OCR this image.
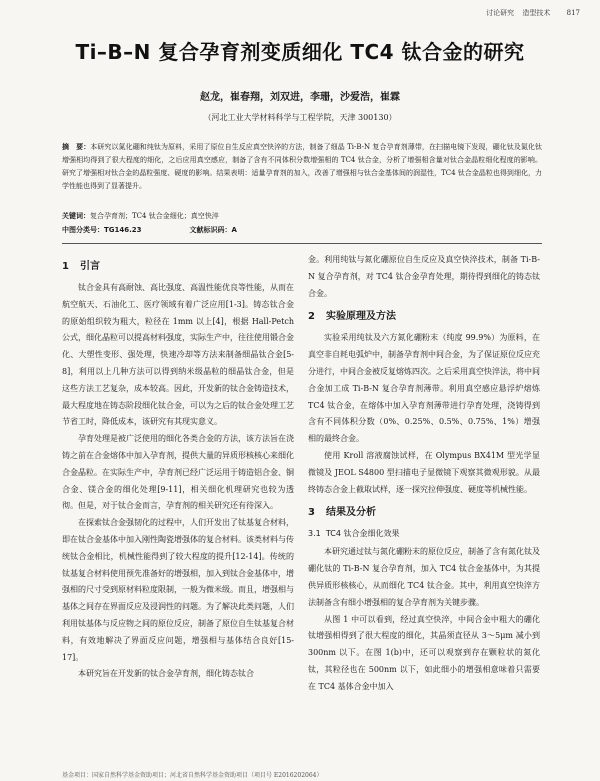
讨论研究 造型技术 817
Ti–B–N 复合孕育剂变质细化 TC4 钛合金的研究
赵龙，崔春翔，刘双进，李珊，沙爱浩，崔霖
（河北工业大学材料科学与工程学院，天津 300130）
摘　要：本研究以氮化硼和纯钛为原料，采用了原位自生反应真空快淬的方法，制备了细晶 Ti-B-N 复合孕育剂薄带，在扫描电镜下发现，硼化钛及氮化钛增强相均得到了很大程度的细化，之后应用真空感应，制备了含有不同体积分数增强相的 TC4 钛合金，分析了增强相含量对钛合金晶粒细化程度的影响。研究了增强相对钛合金的晶粒强度、硬度的影响。结果表明：适量孕育剂的加入，改善了增强相与钛合金基体间的润湿性，TC4 钛合金晶粒也得到细化，力学性能也得到了显著提升。
关键词：复合孕育剂；TC4 钛合金细化；真空快淬
中图分类号：TG146.23	文献标识码：A
1 引言

钛合金具有高耐蚀、高比强度、高温性能优良等性能，从而在航空航天、石油化工、医疗领域有着广泛应用[1-3]。铸态钛合金的原始组织较为粗大，粒径在 1mm 以上[4]，根据 Hall-Petch 公式，细化晶粒可以提高材料强度，实际生产中，往往使用锻合金化、大塑性变形、强处理，快速冷却等方法来制备细晶钛合金[5-8]，利用以上几种方法可以得到纳米级晶粒的细晶钛合金，但是这些方法工艺复杂，成本较高。因此，开发新的钛合金铸造技术，最大程度地在铸态阶段细化钛合金，可以为之后的钛合金处理工艺节省工时，降低成本，该研究有其现实意义。

孕育处理是被广泛使用的细化各类合金的方法，该方法旨在浇铸之前在合金熔体中加入孕育剂，提供大量的异质形核核心来细化合金晶粒。在实际生产中，孕育剂已经广泛运用于铸造铝合金、铜合金、镁合金的细化处理[9-11]，相关细化机理研究也较为透彻。但是，对于钛合金而言，孕育剂的相关研究还有待深入。

在探索钛合金强韧化的过程中，人们开发出了钛基复合材料，即在钛合金基体中加入刚性陶瓷增强体的复合材料。该类材料与传统钛合金相比，机械性能得到了较大程度的提升[12-14]。传统的钛基复合材料使用预先准备好的增强相，加入到钛合金基体中，增强相的尺寸受到原材料粒度限制，一般为微米级。而且，增强相与基体之间存在界面反应及浸润性的问题。为了解决此类问题，人们利用钛基体与反应物之间的原位反应，制备了原位自生钛基复合材料，有效地解决了界面反应问题，增强相与基体结合良好[15-17]。

本研究旨在开发新的钛合金孕育剂，细化铸态钛合

金。利用纯钛与氮化硼原位自生反应及真空快淬技术，制备 Ti-B-N 复合孕育剂，对 TC4 钛合金孕育处理，期待得到细化的铸态钛合金。

2 实验原理及方法

实验采用纯钛及六方氮化硼粉末（纯度 99.9%）为原料，在真空非自耗电弧炉中，制备孕育剂中间合金，为了保证原位反应充分进行，中间合金被反复熔炼四次。之后采用真空快淬法，将中间合金加工成 Ti-B-N 复合孕育剂薄带。利用真空感应悬浮炉熔炼 TC4 钛合金，在熔体中加入孕育剂薄带进行孕育处理，浇铸得到含有不同体积分数（0%、0.25%、0.5%、0.75%、1%）增强相的最终合金。

使用 Kroll 溶液腐蚀试样，在 Olympus BX41M 型光学显微镜及 JEOL S4800 型扫描电子显微镜下观察其微观形貌。从最终铸态合金上截取试样，逐一探究拉伸强度、硬度等机械性能。

3 结果及分析
3.1 TC4 钛合金细化效果

本研究通过钛与氮化硼粉末的原位反应，制备了含有氮化钛及硼化钛的 Ti-B-N 复合孕育剂，加入 TC4 钛合金基体中，为其提供异质形核核心，从而细化 TC4 钛合金。其中，利用真空快淬方法制备含有细小增强相的复合孕育剂为关键步骤。

从图 1 中可以看到，经过真空快淬，中间合金中粗大的硼化钛增强相得到了很大程度的细化，其晶须直径从 3～5μm 减小到 300nm 以下。在图 1(b)中，还可以观察到存在颗粒状的氮化钛，其粒径也在 500nm 以下，如此细小的增强相意味着只需要在 TC4 基体合金中加入

基金项目：国家自然科学基金资助项目；河北省自然科学基金资助项目（项目号 E2016202064）
